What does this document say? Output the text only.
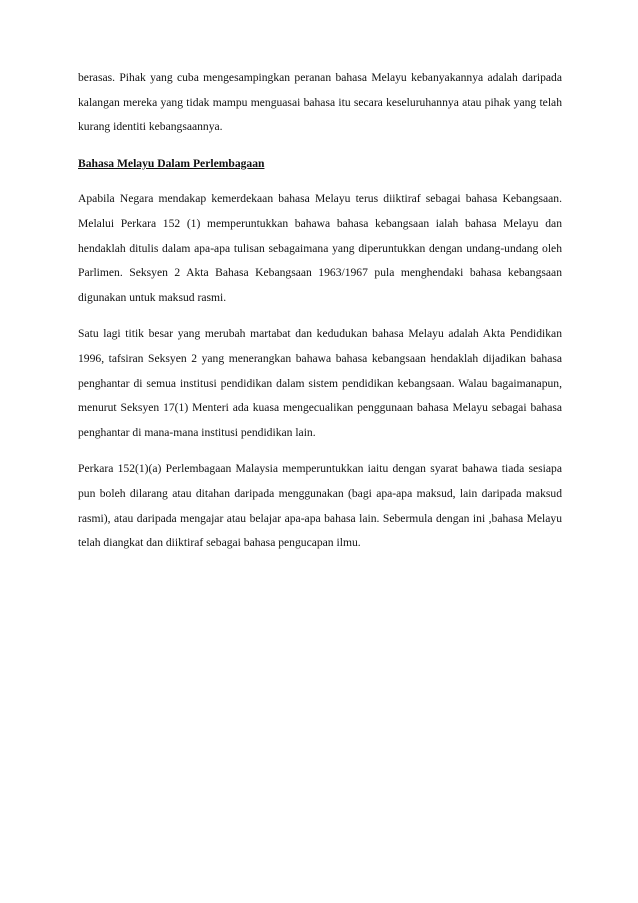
berasas. Pihak yang cuba mengesampingkan peranan bahasa Melayu kebanyakannya adalah daripada kalangan mereka yang tidak mampu menguasai bahasa itu secara keseluruhannya atau pihak yang telah kurang identiti kebangsaannya.

Bahasa Melayu Dalam Perlembagaan

Apabila Negara mendakap kemerdekaan bahasa Melayu terus diiktiraf sebagai bahasa Kebangsaan. Melalui Perkara 152 (1) memperuntukkan bahawa bahasa kebangsaan ialah bahasa Melayu dan hendaklah ditulis dalam apa-apa tulisan sebagaimana yang diperuntukkan dengan undang-undang oleh Parlimen. Seksyen 2 Akta Bahasa Kebangsaan 1963/1967 pula menghendaki bahasa kebangsaan digunakan untuk maksud rasmi.

Satu lagi titik besar yang merubah martabat dan kedudukan bahasa Melayu adalah Akta Pendidikan 1996, tafsiran Seksyen 2 yang menerangkan bahawa bahasa kebangsaan hendaklah dijadikan bahasa penghantar di semua institusi pendidikan dalam sistem pendidikan kebangsaan. Walau bagaimanapun, menurut Seksyen 17(1) Menteri ada kuasa mengecualikan penggunaan bahasa Melayu sebagai bahasa penghantar di mana-mana institusi pendidikan lain.

Perkara 152(1)(a) Perlembagaan Malaysia memperuntukkan iaitu dengan syarat bahawa tiada sesiapa pun boleh dilarang atau ditahan daripada menggunakan (bagi apa-apa maksud, lain daripada maksud rasmi), atau daripada mengajar atau belajar apa-apa bahasa lain. Sebermula dengan ini ,bahasa Melayu telah diangkat dan diiktiraf sebagai bahasa pengucapan ilmu.
